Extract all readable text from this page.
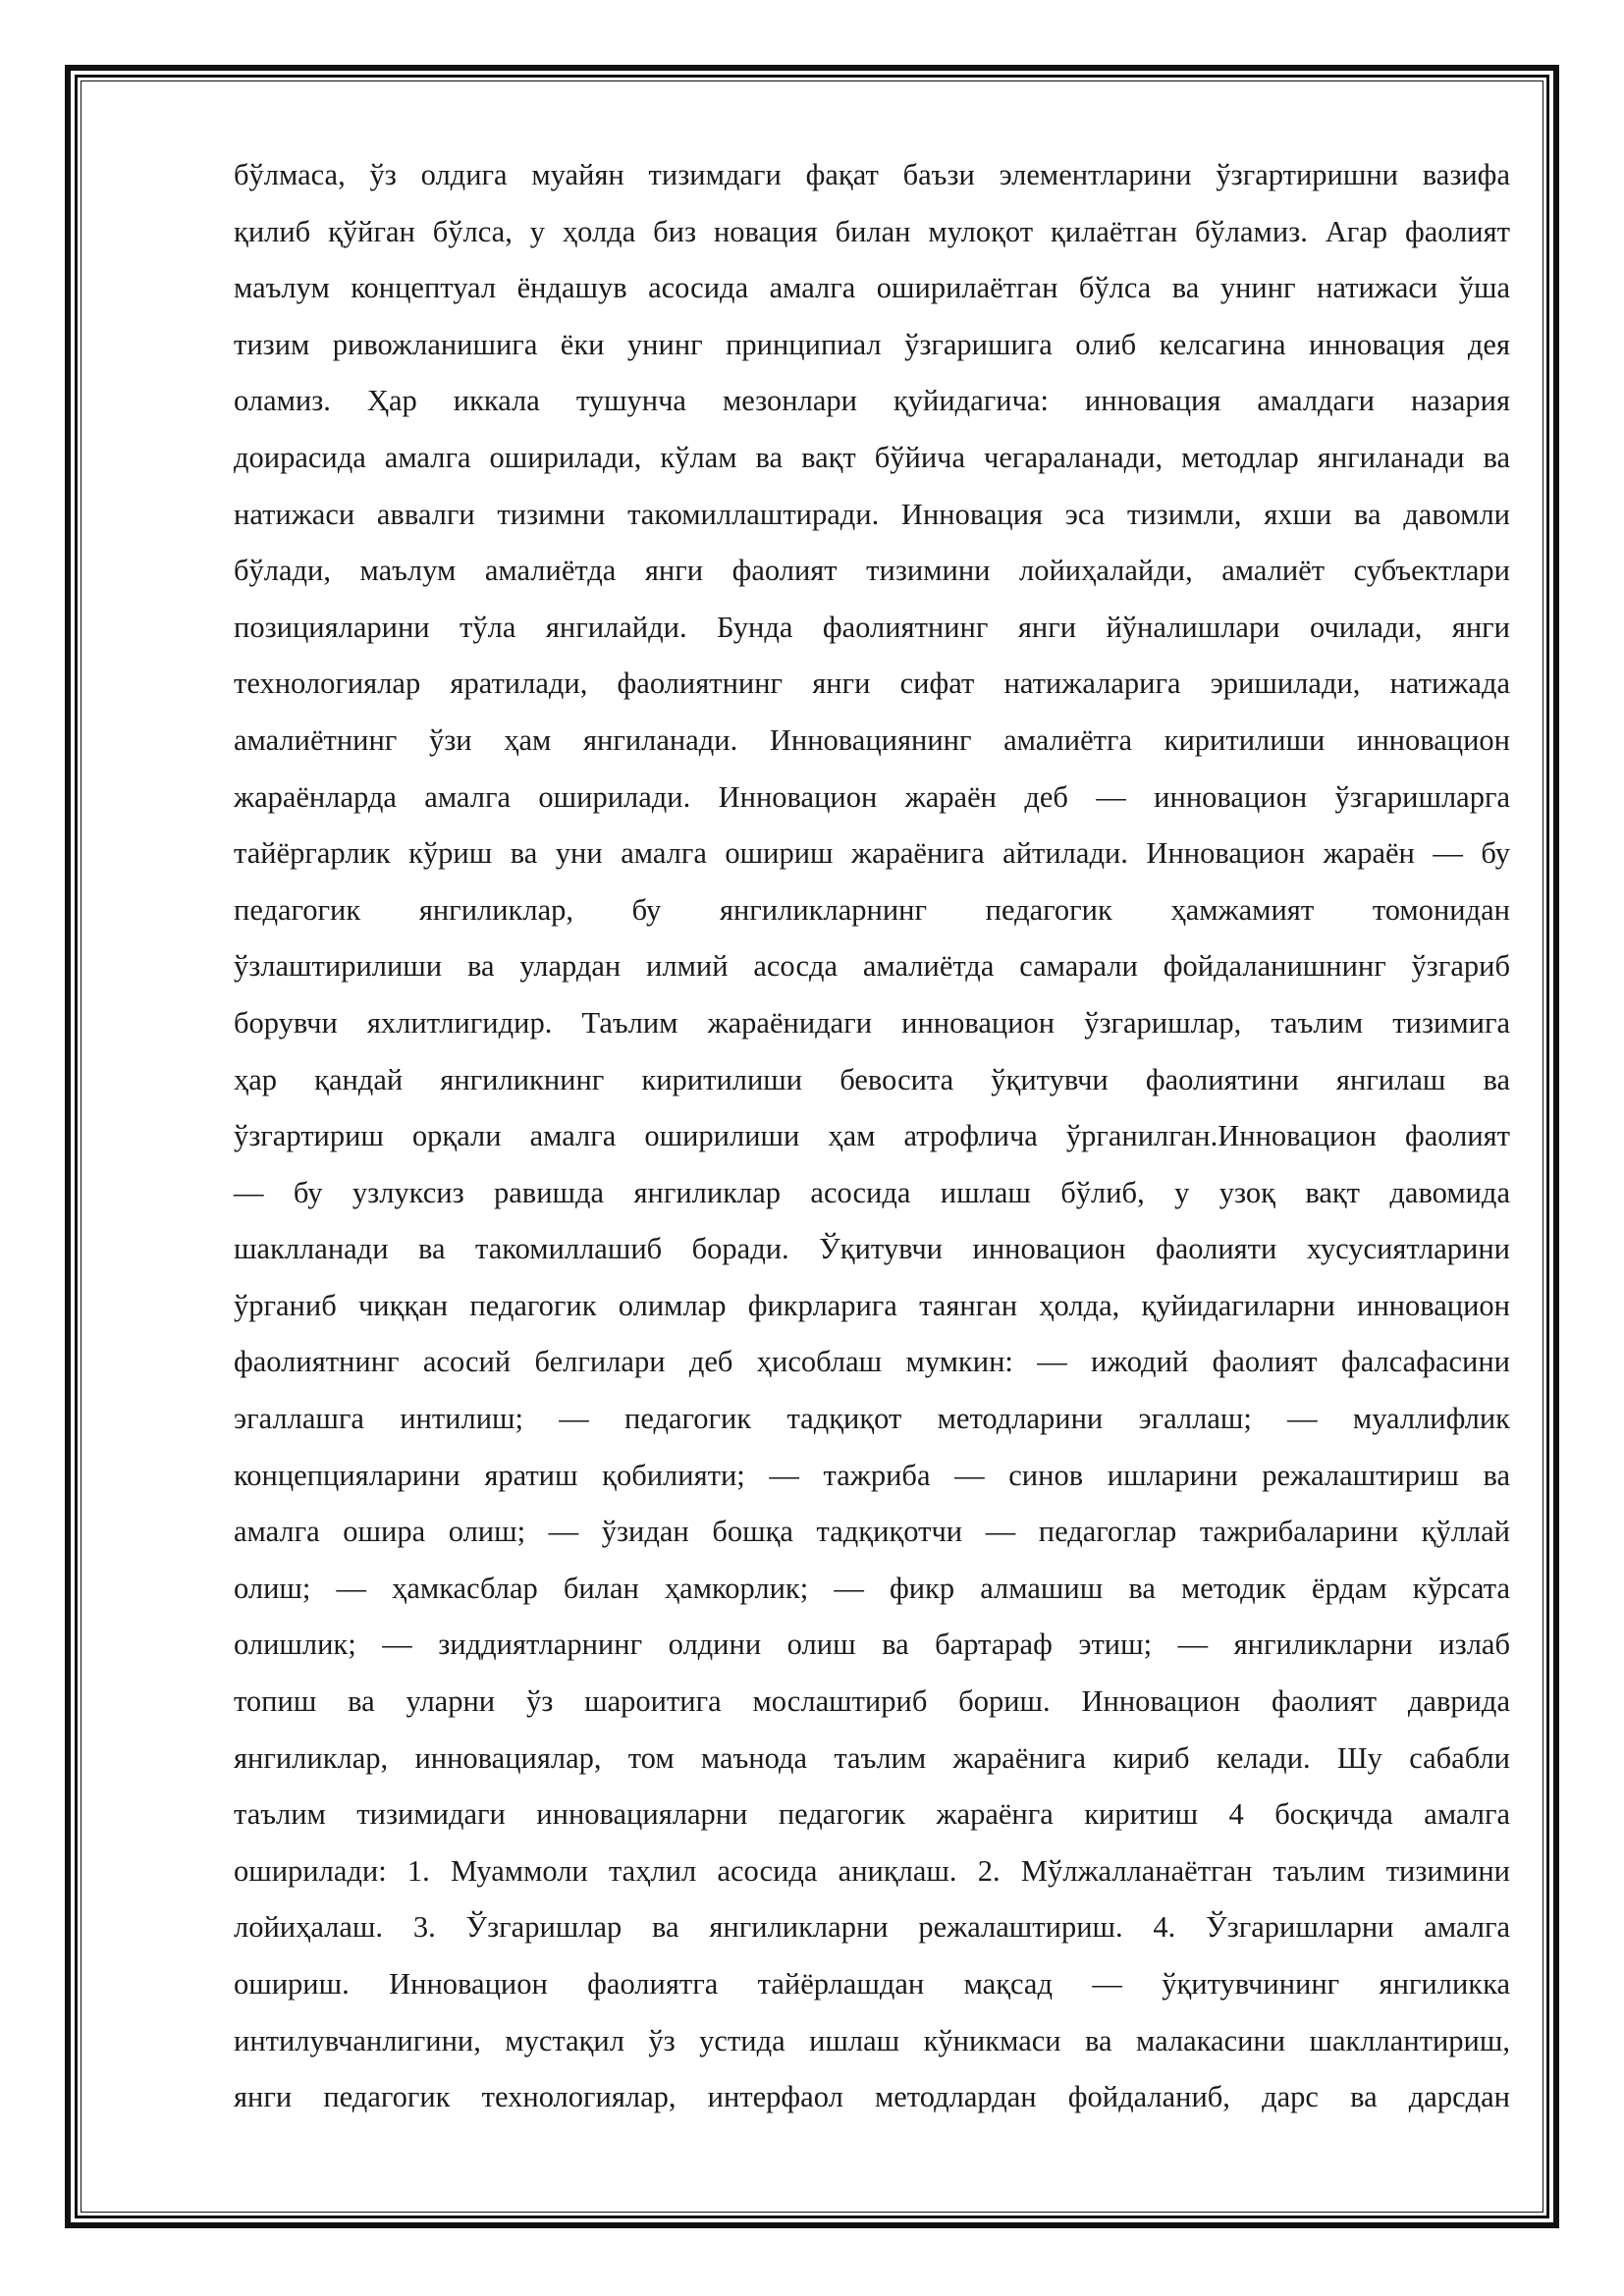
бўлмаса, ўз олдига муайян тизимдаги фақат баъзи элементларини ўзгартиришни вазифа
қилиб қўйган бўлса, у ҳолда биз новация билан мулоқот қилаётган бўламиз. Агар фаолият
маълум концептуал ёндашув асосида амалга оширилаётган бўлса ва унинг натижаси ўша
тизим ривожланишига ёки унинг принципиал ўзгаришига олиб келсагина инновация дея
оламиз. Ҳар иккала тушунча мезонлари қуйидагича: инновация амалдаги назария
доирасида амалга оширилади, кўлам ва вақт бўйича чегараланади, методлар янгиланади ва
натижаси аввалги тизимни такомиллаштиради. Инновация эса тизимли, яхши ва давомли
бўлади, маълум амалиётда янги фаолият тизимини лойиҳалайди, амалиёт субъектлари
позицияларини тўла янгилайди. Бунда фаолиятнинг янги йўналишлари очилади, янги
технологиялар яратилади, фаолиятнинг янги сифат натижаларига эришилади, натижада
амалиётнинг ўзи ҳам янгиланади. Инновациянинг амалиётга киритилиши инновацион
жараёнларда амалга оширилади. Инновацион жараён деб — инновацион ўзгаришларга
тайёргарлик кўриш ва уни амалга ошириш жараёнига айтилади. Инновацион жараён — бу
педагогик янгиликлар, бу янгиликларнинг педагогик ҳамжамият томонидан
ўзлаштирилиши ва улардан илмий асосда амалиётда самарали фойдаланишнинг ўзгариб
борувчи яхлитлигидир. Таълим жараёнидаги инновацион ўзгаришлар, таълим тизимига
ҳар қандай янгиликнинг киритилиши бевосита ўқитувчи фаолиятини янгилаш ва
ўзгартириш орқали амалга оширилиши ҳам атрофлича ўрганилган.Инновацион фаолият
— бу узлуксиз равишда янгиликлар асосида ишлаш бўлиб, у узоқ вақт давомида
шаклланади ва такомиллашиб боради. Ўқитувчи инновацион фаолияти хусусиятларини
ўрганиб чиққан педагогик олимлар фикрларига таянган ҳолда, қуйидагиларни инновацион
фаолиятнинг асосий белгилари деб ҳисоблаш мумкин: — ижодий фаолият фалсафасини
эгаллашга интилиш; — педагогик тадқиқот методларини эгаллаш; — муаллифлик
концепцияларини яратиш қобилияти; — тажриба — синов ишларини режалаштириш ва
амалга ошира олиш; — ўзидан бошқа тадқиқотчи — педагоглар тажрибаларини қўллай
олиш; — ҳамкасблар билан ҳамкорлик; — фикр алмашиш ва методик ёрдам кўрсата
олишлик; — зиддиятларнинг олдини олиш ва бартараф этиш; — янгиликларни излаб
топиш ва уларни ўз шароитига мослаштириб бориш. Инновацион фаолият даврида
янгиликлар, инновациялар, том маънода таълим жараёнига кириб келади. Шу сабабли
таълим тизимидаги инновацияларни педагогик жараёнга киритиш 4 босқичда амалга
оширилади: 1. Муаммоли таҳлил асосида аниқлаш. 2. Мўлжалланаётган таълим тизимини
лойиҳалаш. 3. Ўзгаришлар ва янгиликларни режалаштириш. 4. Ўзгаришларни амалга
ошириш. Инновацион фаолиятга тайёрлашдан мақсад — ўқитувчининг янгиликка
интилувчанлигини, мустақил ўз устида ишлаш кўникмаси ва малакасини шакллантириш,
янги педагогик технологиялар, интерфаол методлардан фойдаланиб, дарс ва дарсдан
